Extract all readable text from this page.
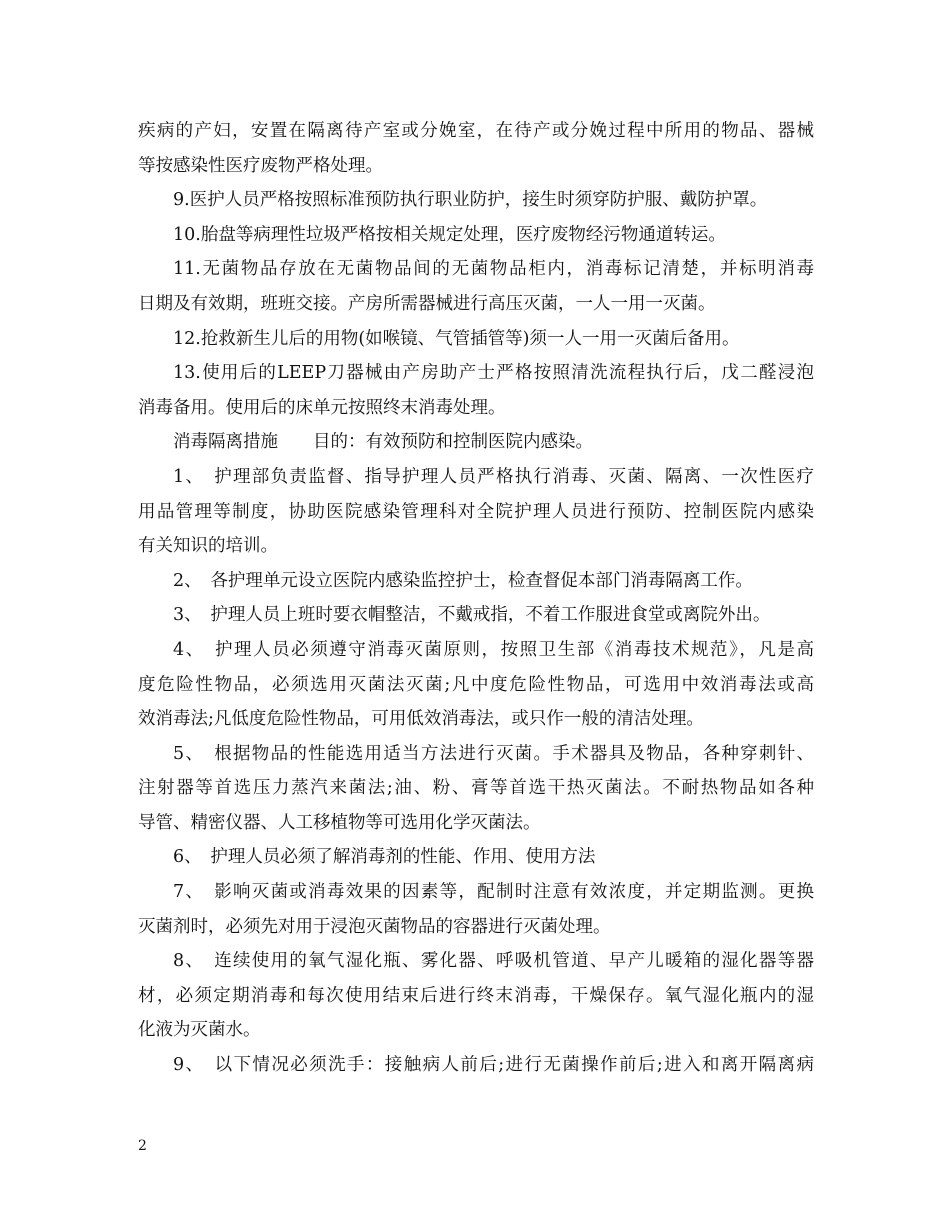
疾病的产妇，安置在隔离待产室或分娩室，在待产或分娩过程中所用的物品、器械
等按感染性医疗废物严格处理。
9.医护人员严格按照标准预防执行职业防护，接生时须穿防护服、戴防护罩。
10.胎盘等病理性垃圾严格按相关规定处理，医疗废物经污物通道转运。
11.无菌物品存放在无菌物品间的无菌物品柜内，消毒标记清楚，并标明消毒
日期及有效期，班班交接。产房所需器械进行高压灭菌，一人一用一灭菌。
12.抢救新生儿后的用物(如喉镜、气管插管等)须一人一用一灭菌后备用。
13.使用后的LEEP刀器械由产房助产士严格按照清洗流程执行后，戊二醛浸泡
消毒备用。使用后的床单元按照终末消毒处理。
消毒隔离措施　　目的：有效预防和控制医院内感染。
1、　护理部负责监督、指导护理人员严格执行消毒、灭菌、隔离、一次性医疗
用品管理等制度，协助医院感染管理科对全院护理人员进行预防、控制医院内感染
有关知识的培训。
2、　各护理单元设立医院内感染监控护士，检查督促本部门消毒隔离工作。
3、　护理人员上班时要衣帽整洁，不戴戒指，不着工作服进食堂或离院外出。
4、　护理人员必须遵守消毒灭菌原则，按照卫生部《消毒技术规范》，凡是高
度危险性物品，必须选用灭菌法灭菌;凡中度危险性物品，可选用中效消毒法或高
效消毒法;凡低度危险性物品，可用低效消毒法，或只作一般的清洁处理。
5、　根据物品的性能选用适当方法进行灭菌。手术器具及物品，各种穿刺针、
注射器等首选压力蒸汽来菌法;油、粉、膏等首选干热灭菌法。不耐热物品如各种
导管、精密仪器、人工移植物等可选用化学灭菌法。
6、　护理人员必须了解消毒剂的性能、作用、使用方法
7、　影响灭菌或消毒效果的因素等，配制时注意有效浓度，并定期监测。更换
灭菌剂时，必须先对用于浸泡灭菌物品的容器进行灭菌处理。
8、　连续使用的氧气湿化瓶、雾化器、呼吸机管道、早产儿暖箱的湿化器等器
材，必须定期消毒和每次使用结束后进行终末消毒，干燥保存。氧气湿化瓶内的湿
化液为灭菌水。
9、　以下情况必须洗手：接触病人前后;进行无菌操作前后;进入和离开隔离病
2
